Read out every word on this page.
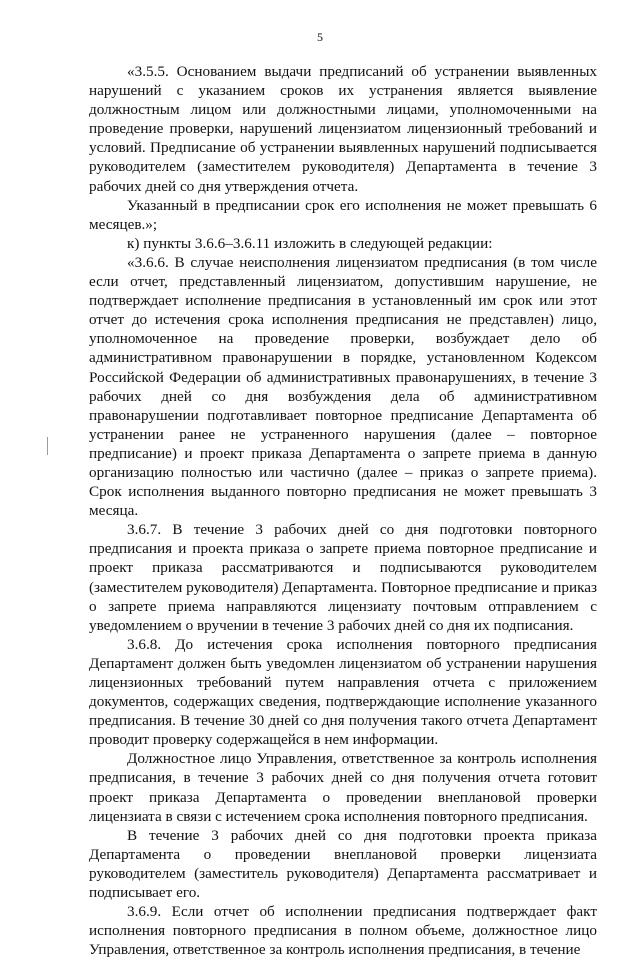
5

«3.5.5. Основанием выдачи предписаний об устранении выявленных нарушений с указанием сроков их устранения является выявление должностным лицом или должностными лицами, уполномоченными на проведение проверки, нарушений лицензиатом лицензионный требований и условий. Предписание об устранении выявленных нарушений подписывается руководителем (заместителем руководителя) Департамента в течение 3 рабочих дней со дня утверждения отчета.

Указанный в предписании срок его исполнения не может превышать 6 месяцев.»;

к) пункты 3.6.6–3.6.11 изложить в следующей редакции:

«3.6.6. В случае неисполнения лицензиатом предписания (в том числе если отчет, представленный лицензиатом, допустившим нарушение, не подтверждает исполнение предписания в установленный им срок или этот отчет до истечения срока исполнения предписания не представлен) лицо, уполномоченное на проведение проверки, возбуждает дело об административном правонарушении в порядке, установленном Кодексом Российской Федерации об административных правонарушениях, в течение 3 рабочих дней со дня возбуждения дела об административном правонарушении подготавливает повторное предписание Департамента об устранении ранее не устраненного нарушения (далее – повторное предписание) и проект приказа Департамента о запрете приема в данную организацию полностью или частично (далее – приказ о запрете приема). Срок исполнения выданного повторно предписания не может превышать 3 месяца.

3.6.7. В течение 3 рабочих дней со дня подготовки повторного предписания и проекта приказа о запрете приема повторное предписание и проект приказа рассматриваются и подписываются руководителем (заместителем руководителя) Департамента. Повторное предписание и приказ о запрете приема направляются лицензиату почтовым отправлением с уведомлением о вручении в течение 3 рабочих дней со дня их подписания.

3.6.8. До истечения срока исполнения повторного предписания Департамент должен быть уведомлен лицензиатом об устранении нарушения лицензионных требований путем направления отчета с приложением документов, содержащих сведения, подтверждающие исполнение указанного предписания. В течение 30 дней со дня получения такого отчета Департамент проводит проверку содержащейся в нем информации.

Должностное лицо Управления, ответственное за контроль исполнения предписания, в течение 3 рабочих дней со дня получения отчета готовит проект приказа Департамента о проведении внеплановой проверки лицензиата в связи с истечением срока исполнения повторного предписания.

В течение 3 рабочих дней со дня подготовки проекта приказа Департамента о проведении внеплановой проверки лицензиата руководителем (заместитель руководителя) Департамента рассматривает и подписывает его.

3.6.9. Если отчет об исполнении предписания подтверждает факт исполнения повторного предписания в полном объеме, должностное лицо Управления, ответственное за контроль исполнения предписания, в течение
